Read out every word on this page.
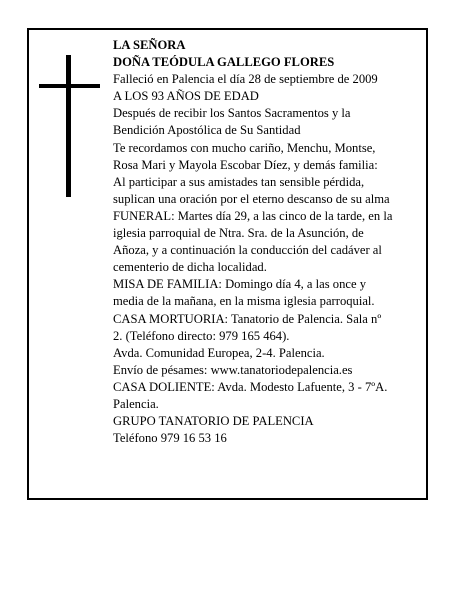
LA SEÑORA
DOÑA TEÓDULA GALLEGO FLORES
Falleció en Palencia el día 28 de septiembre de 2009
A LOS 93 AÑOS DE EDAD
Después de recibir los Santos Sacramentos y la
Bendición Apostólica de Su Santidad
Te recordamos con mucho cariño, Menchu, Montse,
Rosa Mari y Mayola Escobar Díez, y demás familia:
Al participar a sus amistades tan sensible pérdida,
suplican una oración por el eterno descanso de su alma
FUNERAL: Martes día 29, a las cinco de la tarde, en la
iglesia parroquial de Ntra. Sra. de la Asunción, de
Añoza, y a continuación la conducción del cadáver al
cementerio de dicha localidad.
MISA DE FAMILIA: Domingo día 4, a las once y
media de la mañana, en la misma iglesia parroquial.
CASA MORTUORIA: Tanatorio de Palencia. Sala nº
2. (Teléfono directo: 979 165 464).
Avda. Comunidad Europea, 2-4. Palencia.
Envío de pésames: www.tanatoriodepalencia.es
CASA DOLIENTE: Avda. Modesto Lafuente, 3 - 7ºA.
Palencia.
GRUPO TANATORIO DE PALENCIA
Teléfono 979 16 53 16
